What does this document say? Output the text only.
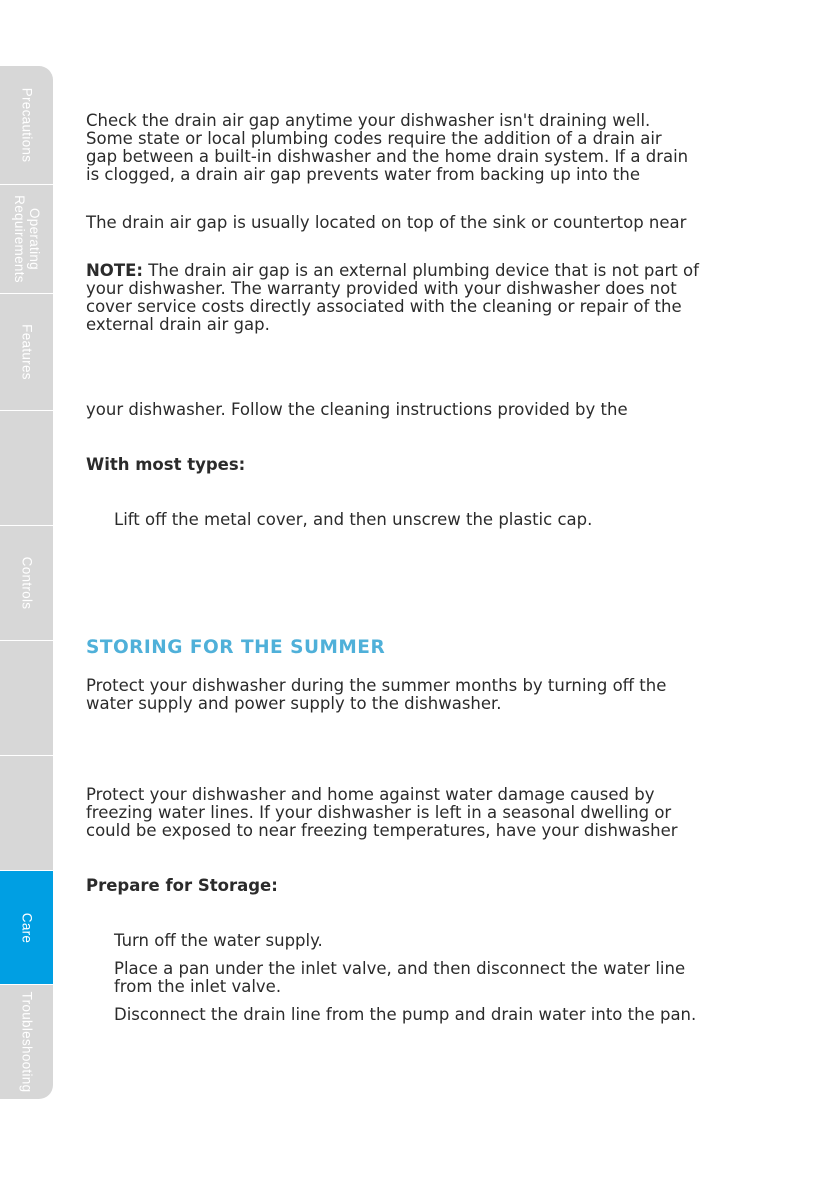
Precautions
Operating
Requirements
Features
Controls
Care
Troubleshooting

Check the drain air gap anytime your dishwasher isn't draining well.
Some state or local plumbing codes require the addition of a drain air
gap between a built-in dishwasher and the home drain system. If a drain
is clogged, a drain air gap prevents water from backing up into the

The drain air gap is usually located on top of the sink or countertop near

NOTE: The drain air gap is an external plumbing device that is not part of
your dishwasher. The warranty provided with your dishwasher does not
cover service costs directly associated with the cleaning or repair of the
external drain air gap.

your dishwasher. Follow the cleaning instructions provided by the

With most types:

Lift off the metal cover, and then unscrew the plastic cap.

STORING FOR THE SUMMER

Protect your dishwasher during the summer months by turning off the
water supply and power supply to the dishwasher.

Protect your dishwasher and home against water damage caused by
freezing water lines. If your dishwasher is left in a seasonal dwelling or
could be exposed to near freezing temperatures, have your dishwasher

Prepare for Storage:

Turn off the water supply.

Place a pan under the inlet valve, and then disconnect the water line
from the inlet valve.

Disconnect the drain line from the pump and drain water into the pan.
